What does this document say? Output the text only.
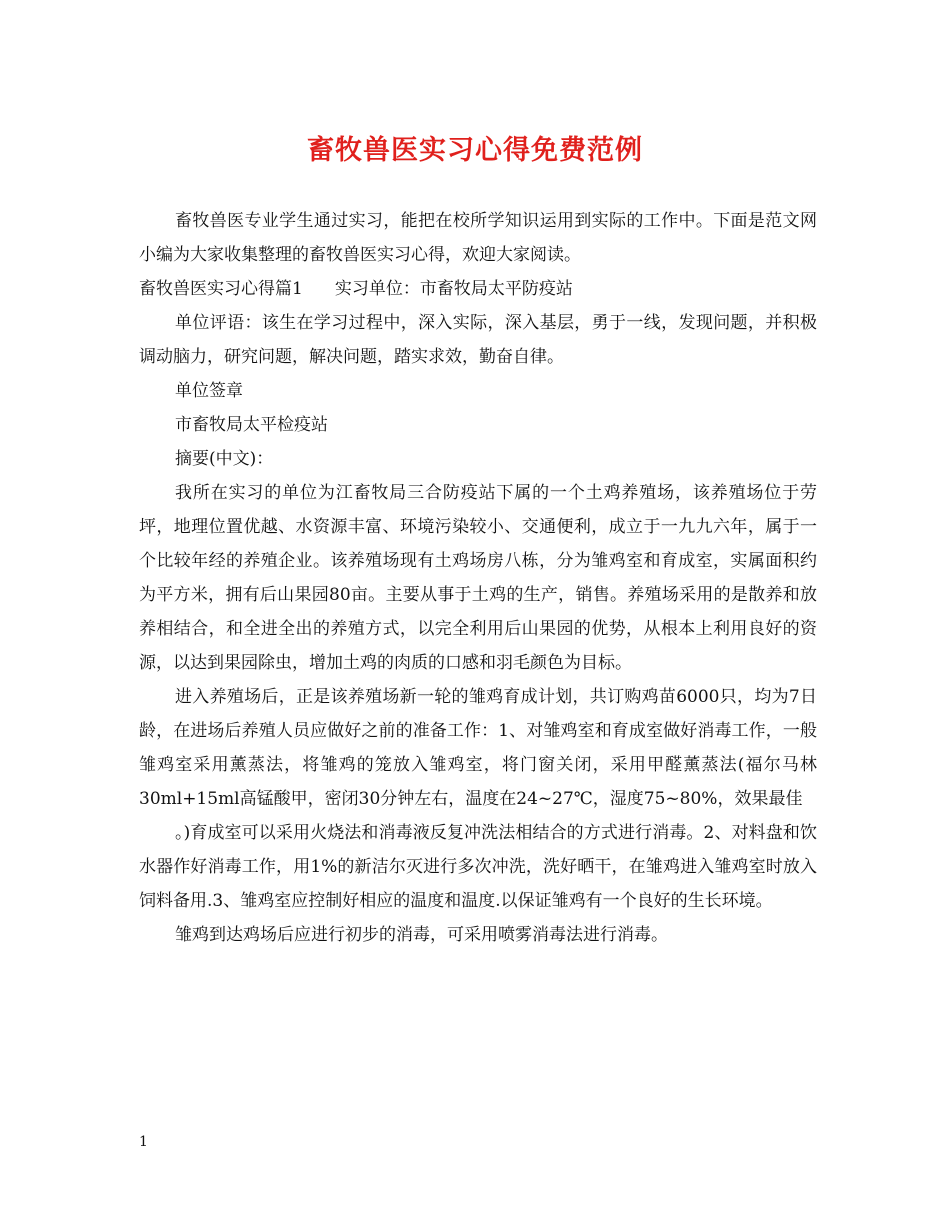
畜牧兽医实习心得免费范例

畜牧兽医专业学生通过实习，能把在校所学知识运用到实际的工作中。下面是范文网小编为大家收集整理的畜牧兽医实习心得，欢迎大家阅读。

畜牧兽医实习心得篇1 实习单位：市畜牧局太平防疫站

单位评语：该生在学习过程中，深入实际，深入基层，勇于一线，发现问题，并积极调动脑力，研究问题，解决问题，踏实求效，勤奋自律。

单位签章

市畜牧局太平检疫站

摘要(中文)：

我所在实习的单位为江畜牧局三合防疫站下属的一个土鸡养殖场，该养殖场位于劳坪，地理位置优越、水资源丰富、环境污染较小、交通便利，成立于一九九六年，属于一个比较年经的养殖企业。该养殖场现有土鸡场房八栋，分为雏鸡室和育成室，实属面积约为平方米，拥有后山果园80亩。主要从事于土鸡的生产，销售。养殖场采用的是散养和放养相结合，和全进全出的养殖方式，以完全利用后山果园的优势，从根本上利用良好的资源，以达到果园除虫，增加土鸡的肉质的口感和羽毛颜色为目标。

进入养殖场后，正是该养殖场新一轮的雏鸡育成计划，共订购鸡苗6000只，均为7日龄，在进场后养殖人员应做好之前的准备工作：1、对雏鸡室和育成室做好消毒工作，一般雏鸡室采用薰蒸法，将雏鸡的笼放入雏鸡室，将门窗关闭，采用甲醛薰蒸法(福尔马林30ml+15ml高锰酸甲，密闭30分钟左右，温度在24~27℃，湿度75~80%，效果最佳

。)育成室可以采用火烧法和消毒液反复冲洗法相结合的方式进行消毒。2、对料盘和饮水器作好消毒工作，用1%的新洁尔灭进行多次冲洗，洗好晒干，在雏鸡进入雏鸡室时放入饲料备用.3、雏鸡室应控制好相应的温度和温度.以保证雏鸡有一个良好的生长环境。

雏鸡到达鸡场后应进行初步的消毒，可采用喷雾消毒法进行消毒。

1
